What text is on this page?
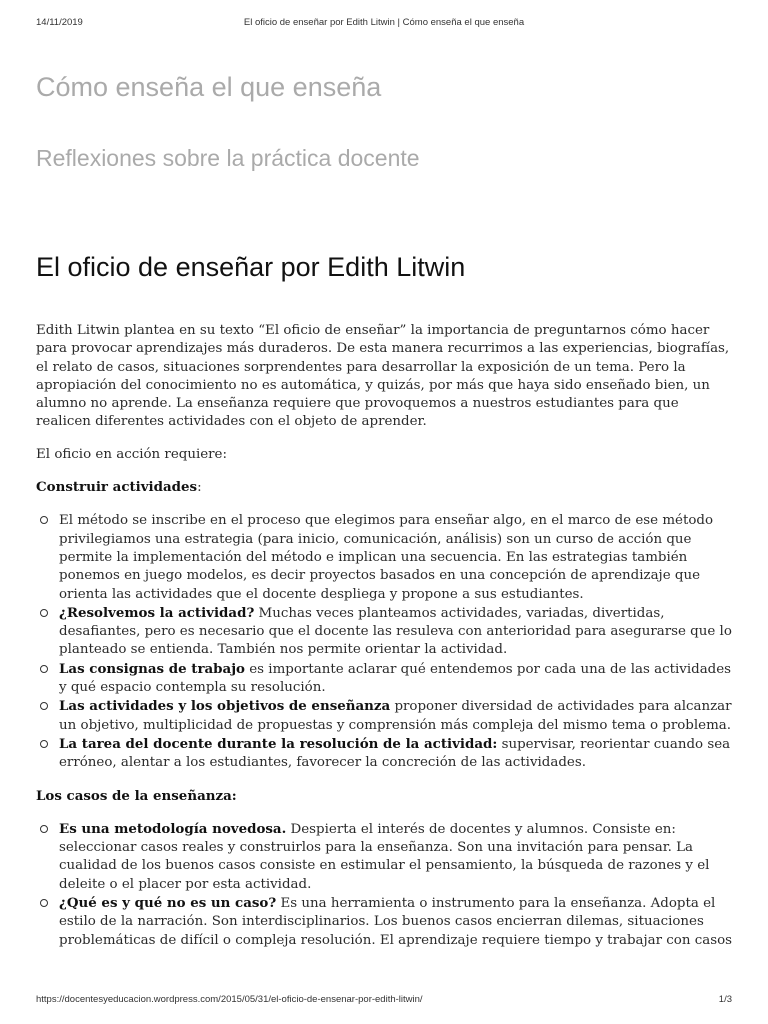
14/11/2019	El oficio de enseñar por Edith Litwin | Cómo enseña el que enseña
Cómo enseña el que enseña
Reflexiones sobre la práctica docente
El oficio de enseñar por Edith Litwin

Edith Litwin plantea en su texto “El oficio de enseñar” la importancia de preguntarnos cómo hacer para provocar aprendizajes más duraderos. De esta manera recurrimos a las experiencias, biografías, el relato de casos, situaciones sorprendentes para desarrollar la exposición de un tema. Pero la apropiación del conocimiento no es automática, y quizás, por más que haya sido enseñado bien, un alumno no aprende. La enseñanza requiere que provoquemos a nuestros estudiantes para que realicen diferentes actividades con el objeto de aprender.

El oficio en acción requiere:

Construir actividades:

El método se inscribe en el proceso que elegimos para enseñar algo, en el marco de ese método privilegiamos una estrategia (para inicio, comunicación, análisis) son un curso de acción que permite la implementación del método e implican una secuencia. En las estrategias también ponemos en juego modelos, es decir proyectos basados en una concepción de aprendizaje que orienta las actividades que el docente despliega y propone a sus estudiantes.
¿Resolvemos la actividad? Muchas veces planteamos actividades, variadas, divertidas, desafiantes, pero es necesario que el docente las resuleva con anterioridad para asegurarse que lo planteado se entienda. También nos permite orientar la actividad.
Las consignas de trabajo es importante aclarar qué entendemos por cada una de las actividades y qué espacio contempla su resolución.
Las actividades y los objetivos de enseñanza proponer diversidad de actividades para alcanzar un objetivo, multiplicidad de propuestas y comprensión más compleja del mismo tema o problema.
La tarea del docente durante la resolución de la actividad: supervisar, reorientar cuando sea erróneo, alentar a los estudiantes, favorecer la concreción de las actividades.

Los casos de la enseñanza:

Es una metodología novedosa. Despierta el interés de docentes y alumnos. Consiste en: seleccionar casos reales y construirlos para la enseñanza. Son una invitación para pensar. La cualidad de los buenos casos consiste en estimular el pensamiento, la búsqueda de razones y el deleite o el placer por esta actividad.
¿Qué es y qué no es un caso? Es una herramienta o instrumento para la enseñanza. Adopta el estilo de la narración. Son interdisciplinarios. Los buenos casos encierran dilemas, situaciones problemáticas de difícil o compleja resolución. El aprendizaje requiere tiempo y trabajar con casos
https://docentesyeducacion.wordpress.com/2015/05/31/el-oficio-de-ensenar-por-edith-litwin/	1/3
